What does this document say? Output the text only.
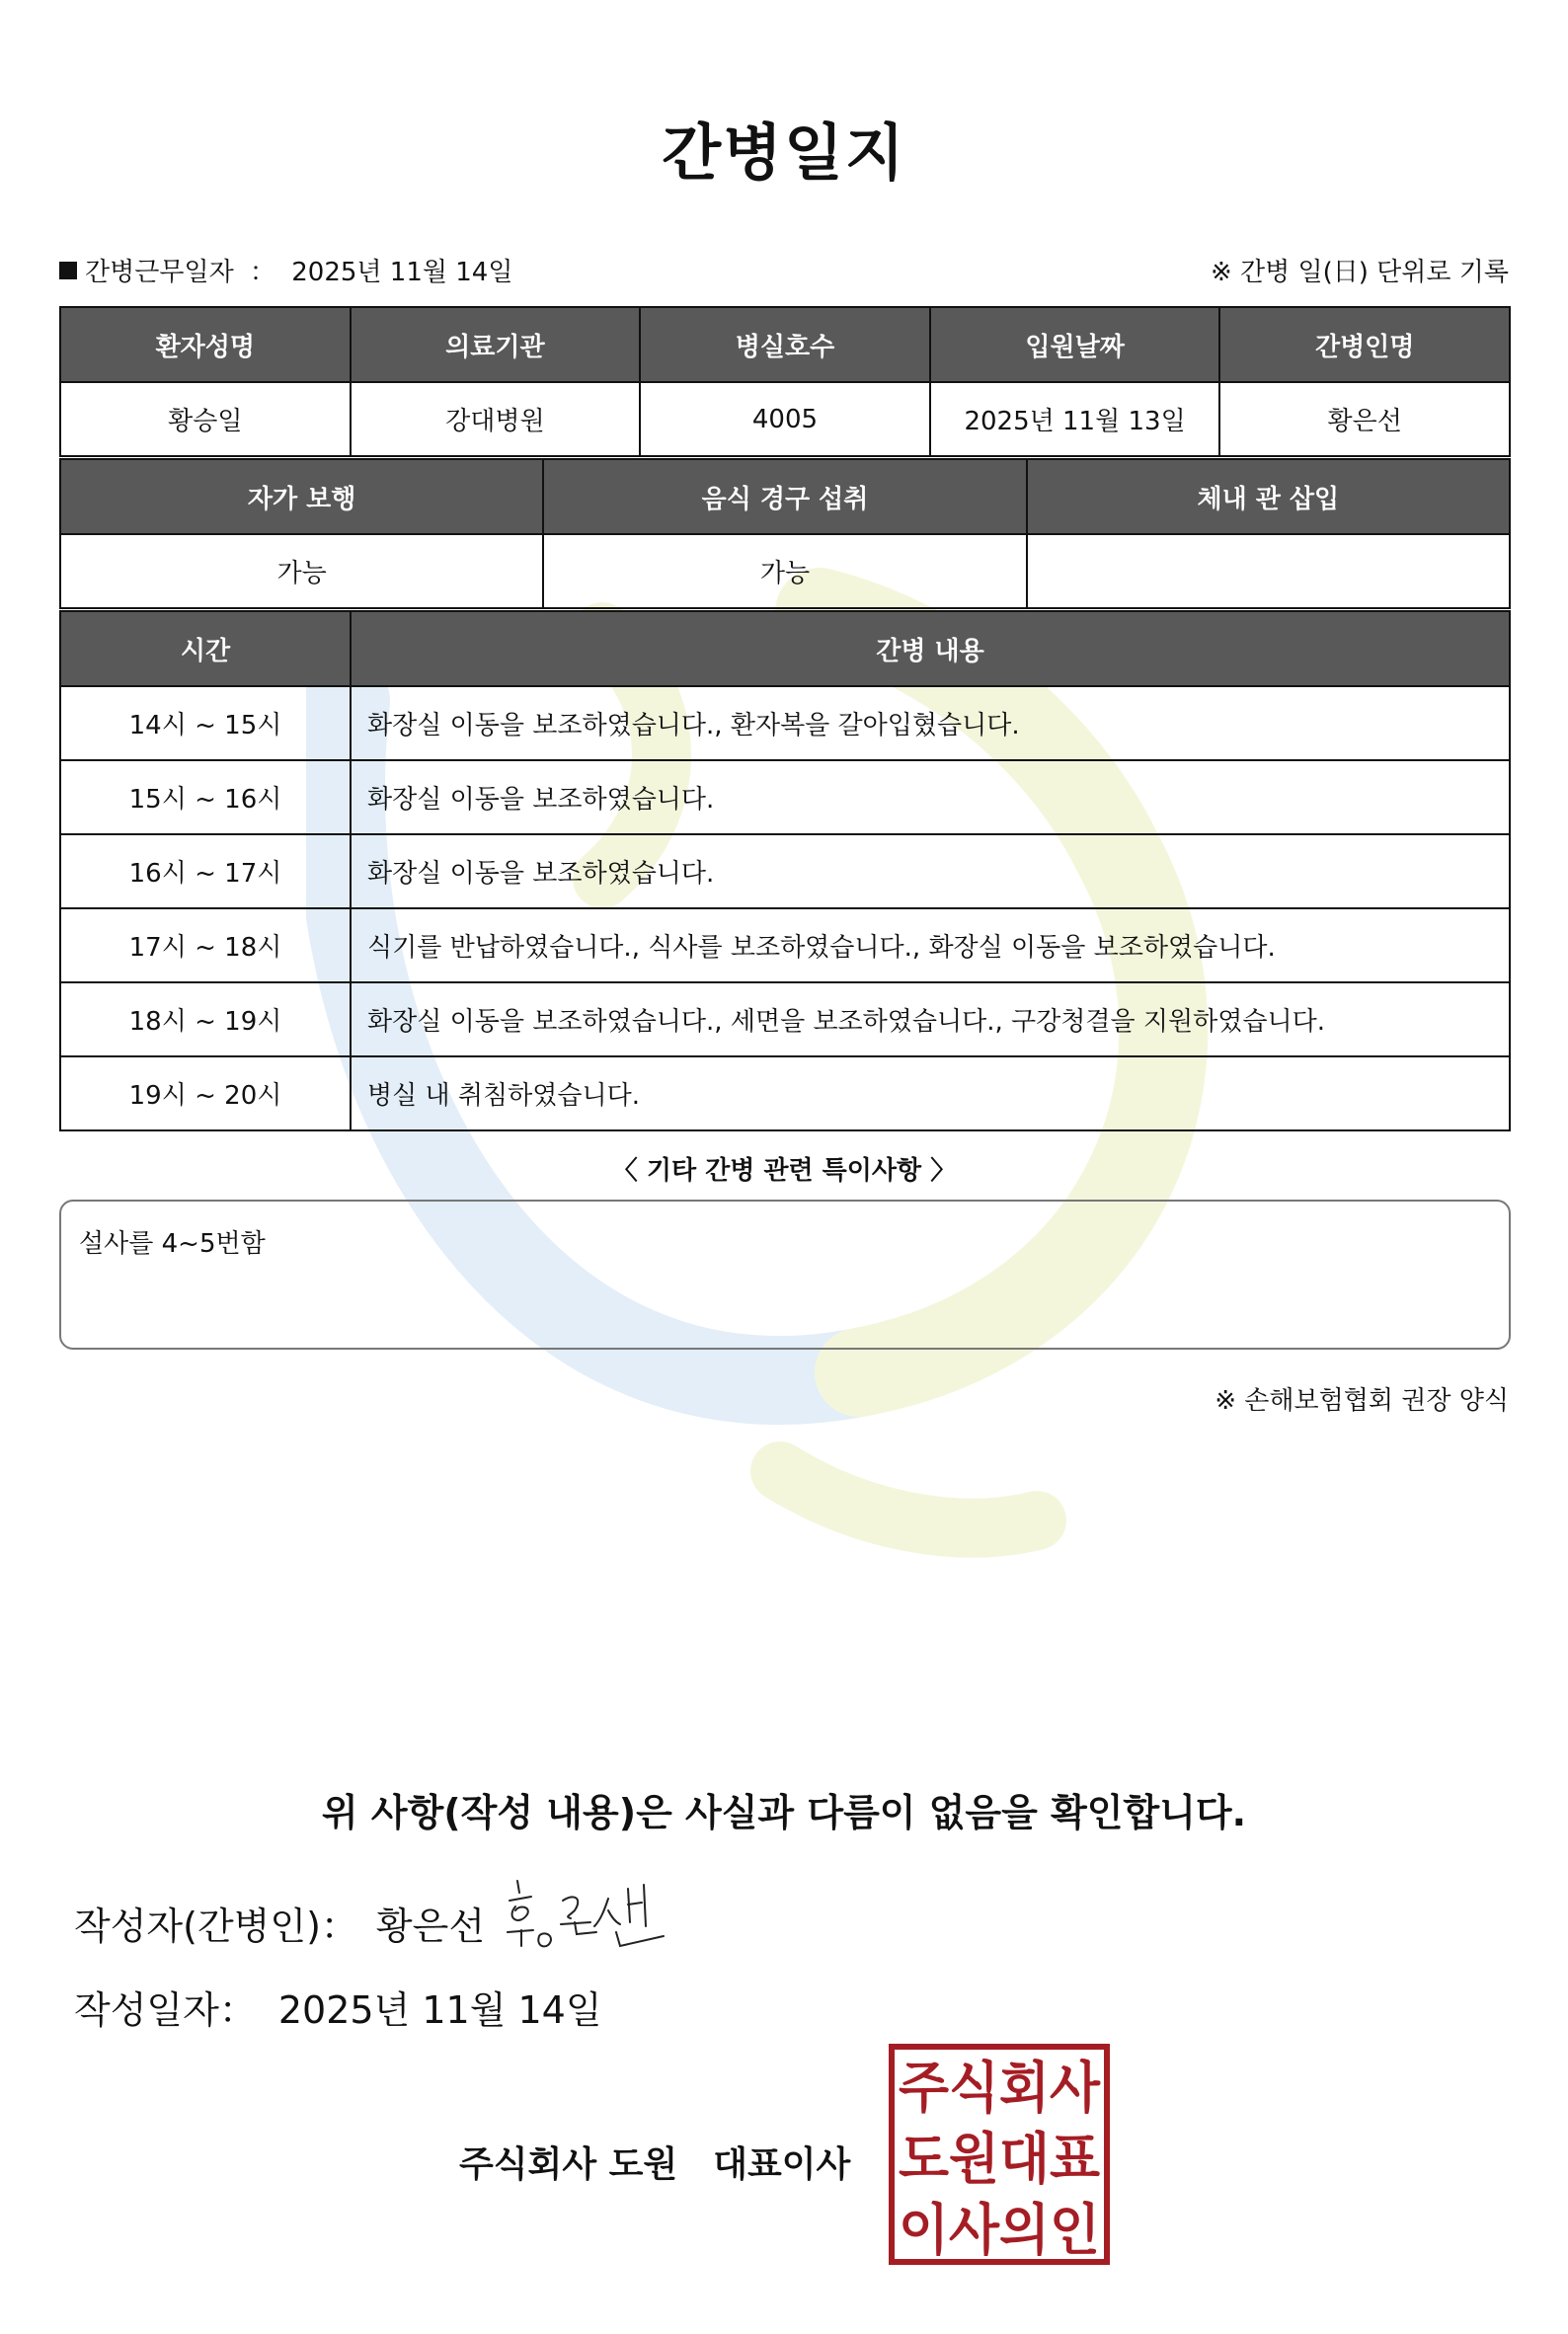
간병일지
간병근무일자 ： 2025년 11월 14일	※ 간병 일(日) 단위로 기록
환자성명	의료기관	병실호수	입원날짜	간병인명
황승일	강대병원	4005	2025년 11월 13일	황은선
자가 보행	음식 경구 섭취	체내 관 삽입
가능	가능	
시간	간병 내용
14시 ~ 15시	화장실 이동을 보조하였습니다., 환자복을 갈아입혔습니다.
15시 ~ 16시	화장실 이동을 보조하였습니다.
16시 ~ 17시	화장실 이동을 보조하였습니다.
17시 ~ 18시	식기를 반납하였습니다., 식사를 보조하였습니다., 화장실 이동을 보조하였습니다.
18시 ~ 19시	화장실 이동을 보조하였습니다., 세면을 보조하였습니다., 구강청결을 지원하였습니다.
19시 ~ 20시	병실 내 취침하였습니다.
〈 기타 간병 관련 특이사항 〉
설사를 4~5번함
※ 손해보험협회 권장 양식
위 사항(작성 내용)은 사실과 다름이 없음을 확인합니다.
작성자(간병인)： 황은선
작성일자： 2025년 11월 14일
주식회사 도원 대표이사
주식회사
도원대표
이사의인
